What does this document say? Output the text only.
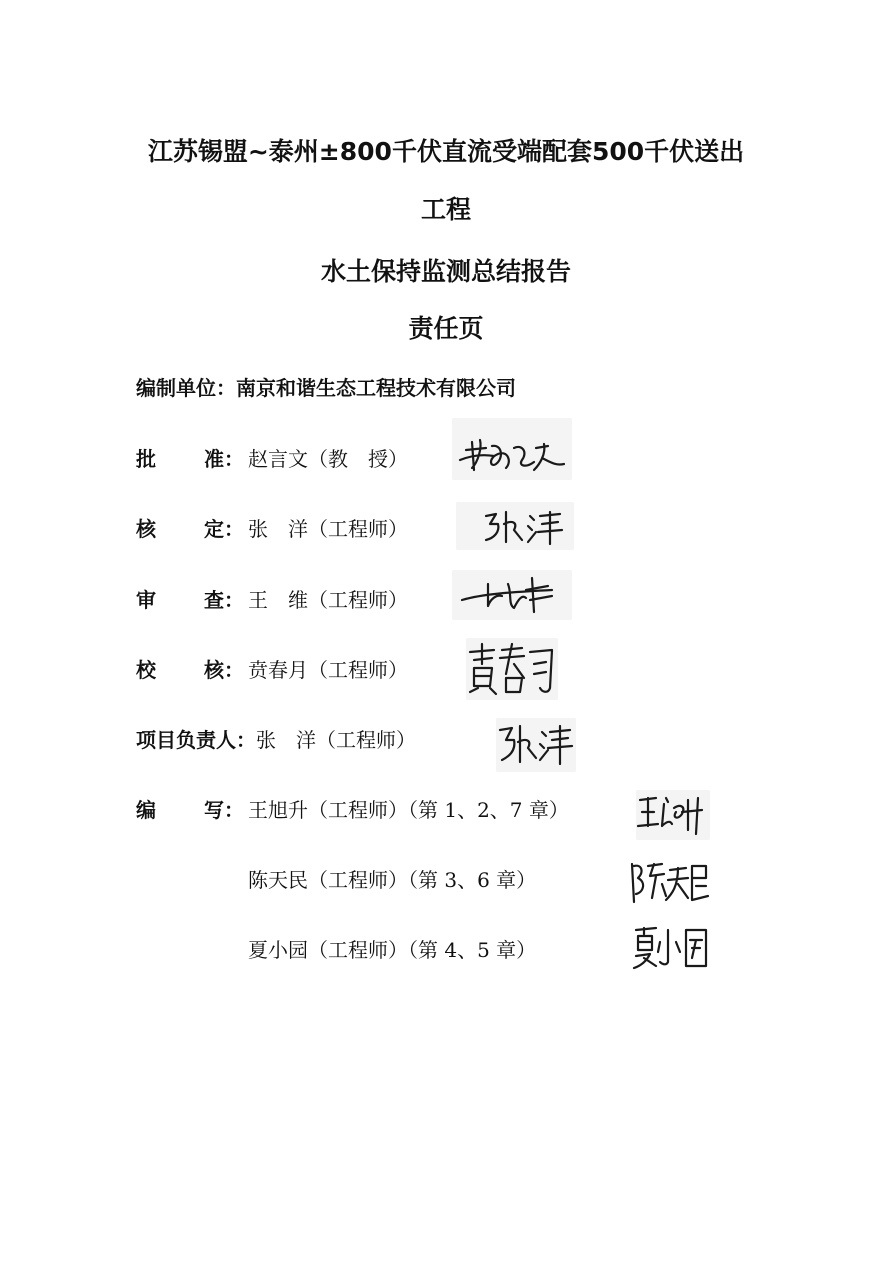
江苏锡盟~泰州±800千伏直流受端配套500千伏送出
工程
水土保持监测总结报告
责任页
编制单位：南京和谐生态工程技术有限公司
批 准： 赵言文（教　授）
核 定： 张　洋（工程师）
审 查： 王　维（工程师）
校 核： 贲春月（工程师）
项目负责人：张　洋（工程师）
编 写： 王旭升（工程师）（第 1、2、7 章）
陈天民（工程师）（第 3、6 章）
夏小园（工程师）（第 4、5 章）
